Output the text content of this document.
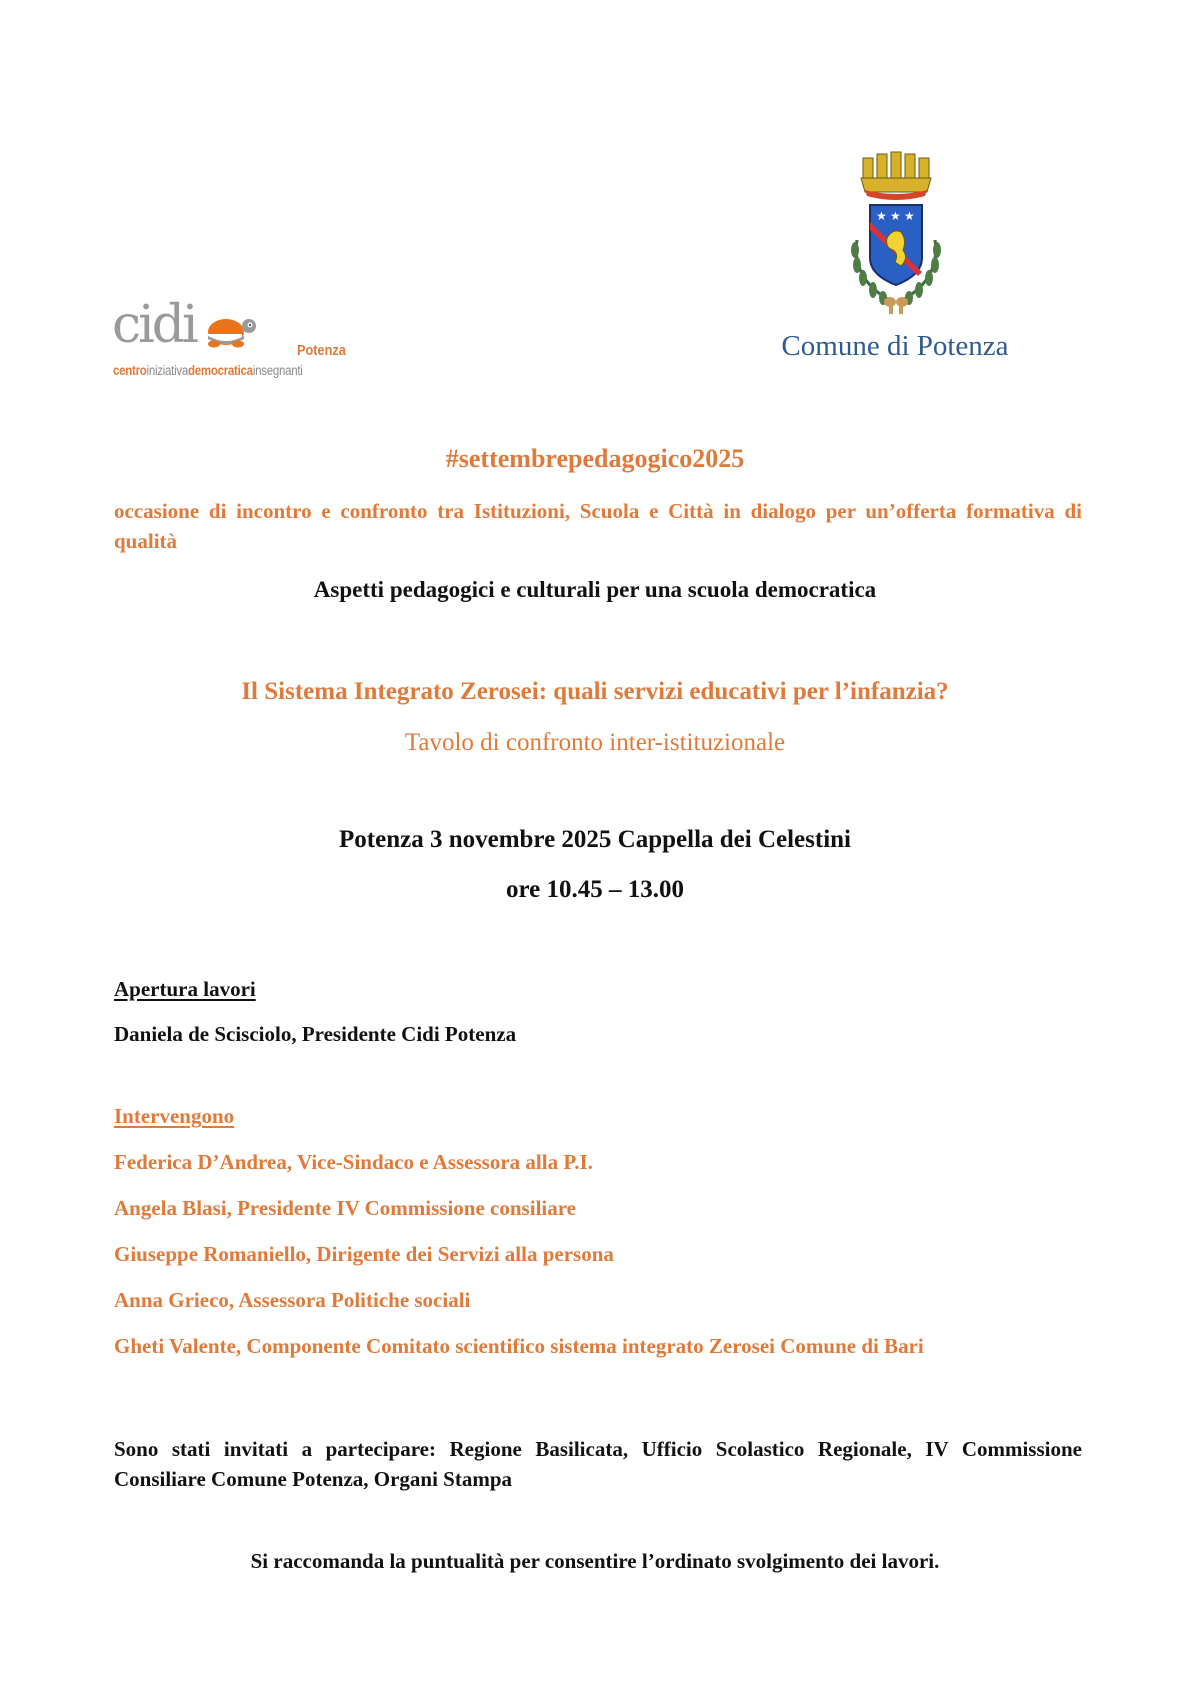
cidi	Potenza
centroiniziativademocraticainsegnanti
★ ★ ★
Comune di Potenza
#settembrepedagogico2025
occasione di incontro e confronto tra Istituzioni, Scuola e Città in dialogo per un’offerta formativa di qualità
Aspetti pedagogici e culturali per una scuola democratica
Il Sistema Integrato Zerosei: quali servizi educativi per l’infanzia?
Tavolo di confronto inter-istituzionale
Potenza 3 novembre 2025 Cappella dei Celestini
ore 10.45 – 13.00
Apertura lavori
Daniela de Scisciolo, Presidente Cidi Potenza
Intervengono
Federica D’Andrea, Vice-Sindaco e Assessora alla P.I.
Angela Blasi, Presidente IV Commissione consiliare
Giuseppe Romaniello, Dirigente dei Servizi alla persona
Anna Grieco, Assessora Politiche sociali
Gheti Valente, Componente Comitato scientifico sistema integrato Zerosei Comune di Bari
Sono stati invitati a partecipare: Regione Basilicata, Ufficio Scolastico Regionale, IV Commissione Consiliare Comune Potenza, Organi Stampa
Si raccomanda la puntualità per consentire l’ordinato svolgimento dei lavori.
